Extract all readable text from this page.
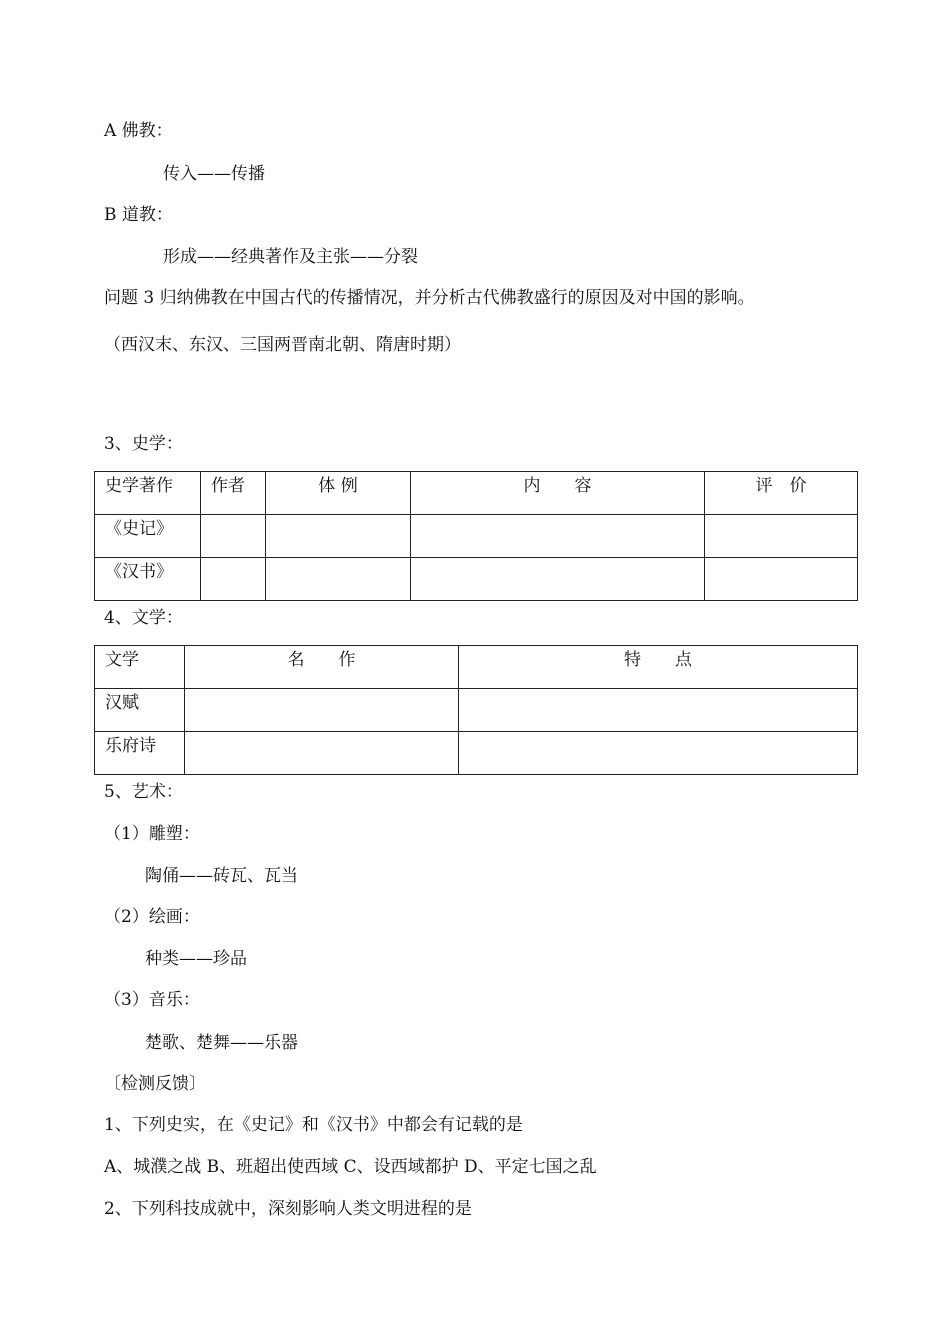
A 佛教：
传入——传播
B 道教：
形成——经典著作及主张——分裂
问题 3 归纳佛教在中国古代的传播情况，并分析古代佛教盛行的原因及对中国的影响。
（西汉末、东汉、三国两晋南北朝、隋唐时期）
3、史学：
史学著作	作者	体 例	内　　容	评　价
《史记》				
《汉书》				
4、文学：
文学	名　　作	特　　点
汉赋		
乐府诗		
5、艺术：
（1）雕塑：
陶俑——砖瓦、瓦当
（2）绘画：
种类——珍品
（3）音乐：
楚歌、楚舞——乐器
〔检测反馈〕
1、下列史实，在《史记》和《汉书》中都会有记载的是
A、城濮之战 B、班超出使西域 C、设西域都护 D、平定七国之乱
2、下列科技成就中，深刻影响人类文明进程的是
